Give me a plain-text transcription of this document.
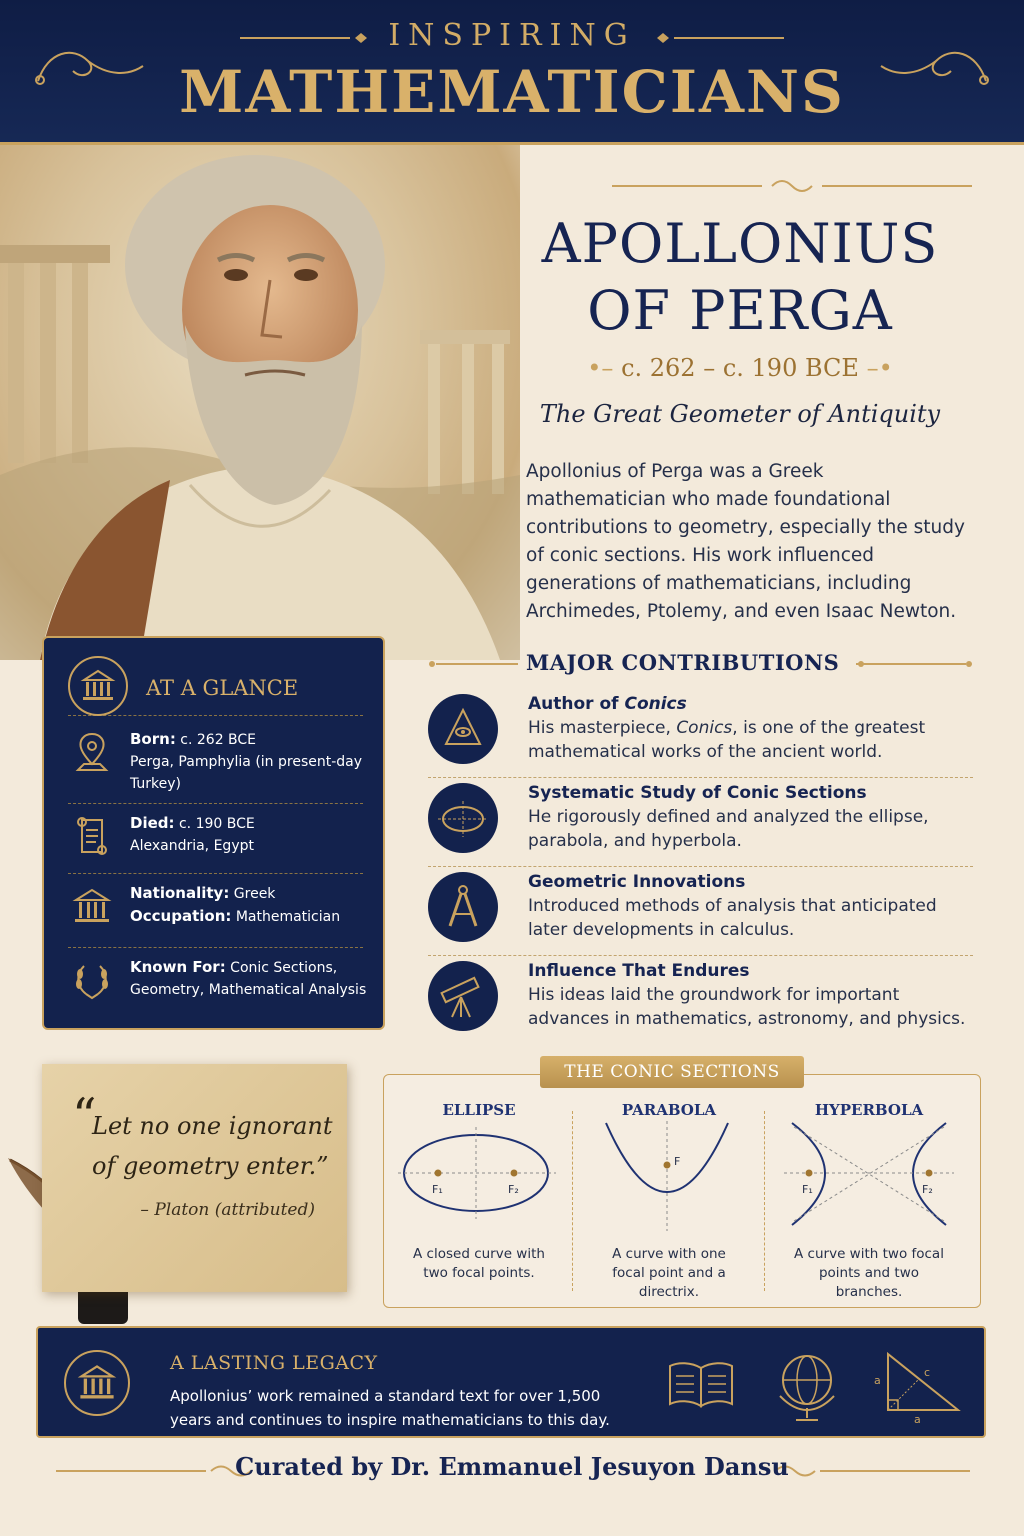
INSPIRING
MATHEMATICIANS
APOLLONIUS
OF PERGA
•– c. 262 – c. 190 BCE –•
The Great Geometer of Antiquity
Apollonius of Perga was a Greek mathematician who made foundational contributions to geometry, especially the study of conic sections. His work influenced generations of mathematicians, including Archimedes, Ptolemy, and even Isaac Newton.
AT A GLANCE
Born: c. 262 BCE
Perga, Pamphylia (in present-day Turkey)
Died: c. 190 BCE
Alexandria, Egypt
Nationality: Greek
Occupation: Mathematician
Known For: Conic Sections, Geometry, Mathematical Analysis
MAJOR CONTRIBUTIONS
Author of Conics
His masterpiece, Conics, is one of the greatest mathematical works of the ancient world.
Systematic Study of Conic Sections
He rigorously defined and analyzed the ellipse, parabola, and hyperbola.
Geometric Innovations
Introduced methods of analysis that anticipated later developments in calculus.
Influence That Endures
His ideas laid the groundwork for important advances in mathematics, astronomy, and physics.
“
Let no one ignorant of geometry enter.”
– Platon (attributed)
ELLIPSE
F₁	F₂
A closed curve with two focal points.
PARABOLA
F
A curve with one focal point and a directrix.
HYPERBOLA
F₁	F₂
A curve with two focal points and two branches.
THE CONIC SECTIONS
A LASTING LEGACY
Apollonius’ work remained a standard text for over 1,500 years and continues to inspire mathematicians to this day.
a
c
a
Curated by Dr. Emmanuel Jesuyon Dansu
